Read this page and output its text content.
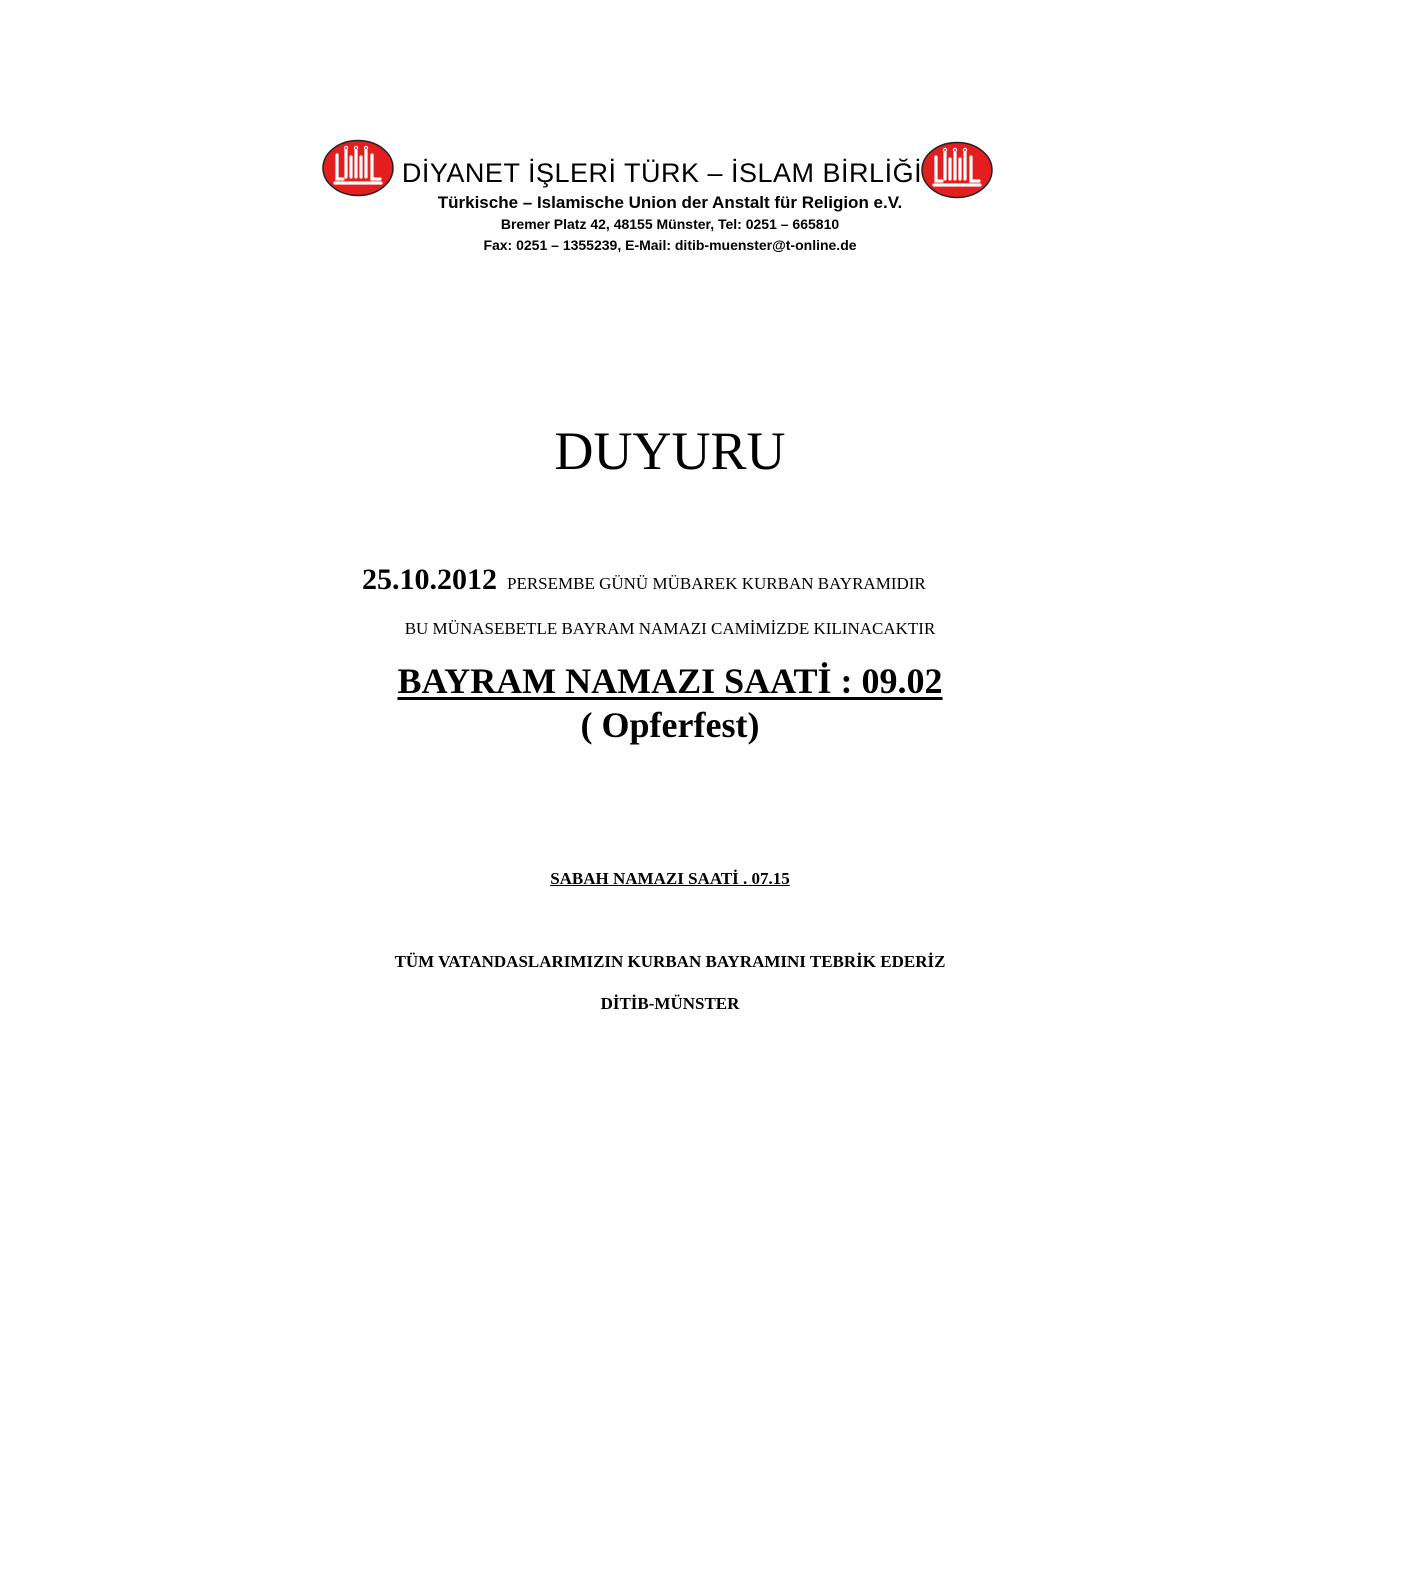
DİYANET İŞLERİ TÜRK – İSLAM BİRLİĞİ
Türkische – Islamische Union der Anstalt für Religion e.V.
Bremer Platz 42, 48155 Münster, Tel: 0251 – 665810
Fax: 0251 – 1355239, E-Mail: ditib-muenster@t-online.de
DUYURU
25.10.2012 PERSEMBE GÜNÜ MÜBAREK KURBAN BAYRAMIDIR
BU MÜNASEBETLE BAYRAM NAMAZI CAMİMİZDE KILINACAKTIR
BAYRAM NAMAZI SAATİ : 09.02
( Opferfest)
SABAH NAMAZI SAATİ . 07.15
TÜM VATANDASLARIMIZIN KURBAN BAYRAMINI TEBRİK EDERİZ
DİTİB-MÜNSTER
